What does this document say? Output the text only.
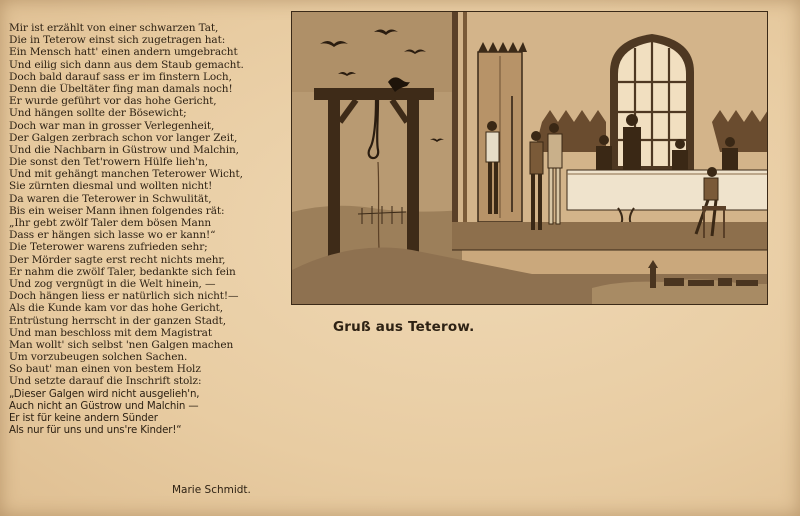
Mir ist erzählt von einer schwarzen Tat,
Die in Teterow einst sich zugetragen hat:
Ein Mensch hatt' einen andern umgebracht
Und eilig sich dann aus dem Staub gemacht.
Doch bald darauf sass er im finstern Loch,
Denn die Übeltäter fing man damals noch!
Er wurde geführt vor das hohe Gericht,
Und hängen sollte der Bösewicht;
Doch war man in grosser Verlegenheit,
Der Galgen zerbrach schon vor langer Zeit,
Und die Nachbarn in Güstrow und Malchin,
Die sonst den Tet'rowern Hülfe lieh'n,
Und mit gehängt manchen Teterower Wicht,
Sie zürnten diesmal und wollten nicht!
Da waren die Teterower in Schwulität,
Bis ein weiser Mann ihnen folgendes rät:
„Ihr gebt zwölf Taler dem bösen Mann
Dass er hängen sich lasse wo er kann!“
Die Teterower warens zufrieden sehr;
Der Mörder sagte erst recht nichts mehr,
Er nahm die zwölf Taler, bedankte sich fein
Und zog vergnügt in die Welt hinein, —
Doch hängen liess er natürlich sich nicht!—
Als die Kunde kam vor das hohe Gericht,
Entrüstung herrscht in der ganzen Stadt,
Und man beschloss mit dem Magistrat
Man wollt' sich selbst 'nen Galgen machen
Um vorzubeugen solchen Sachen.
So baut' man einen von bestem Holz
Und setzte darauf die Inschrift stolz:
„Dieser Galgen wird nicht ausgelieh'n,
Auch nicht an Güstrow und Malchin —
Er ist für keine andern Sünder
Als nur für uns und uns're Kinder!“
Marie Schmidt.
Gruß aus Teterow.
